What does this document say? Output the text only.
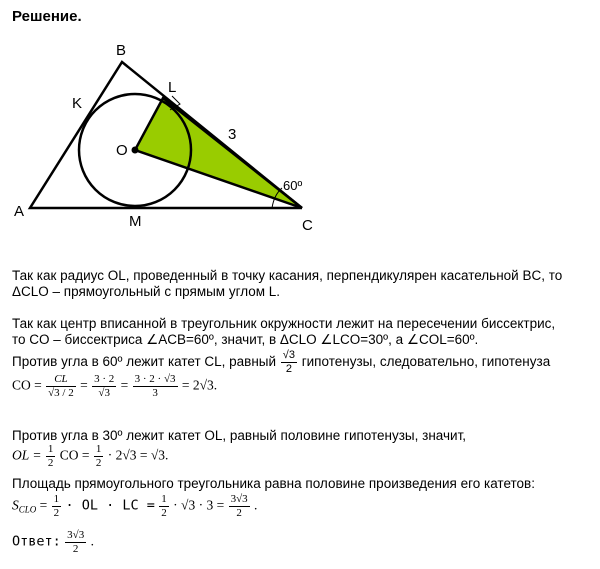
Решение.
B
L
K
O
A
M	C
3
60º
Так как радиус OL, проведенный в точку касания, перпендикулярен касательной BC, то
ΔCLO – прямоугольный с прямым углом L.
Так как центр вписанной в треугольник окружности лежит на пересечении биссектрис,
то CO – биссектриса ∠ACB=60º, значит, в ΔCLO ∠LCO=30º, а ∠COL=60º.
Против угла в 60º лежит катет CL, равный $\frac{√3}{2}$ гипотенузы, следовательно, гипотенуза
CO = $\frac{CL}{√3 / 2} = \frac{3 \cdot 2}{√3} = \frac{3 \cdot 2 \cdot √3}{3} = 2√3$.
Против угла в 30º лежит катет OL, равный половине гипотенузы, значит,
OL = $\frac{1}{2}$ CO = $\frac{1}{2} \cdot 2√3 = √3$.
Площадь прямоугольного треугольника равна половине произведения его катетов:
$S_{CLO} = \frac{1}{2}$ · OL · LC = $\frac{1}{2} \cdot √3 \cdot 3 = \frac{3√3}{2}$ .
Ответ: $\frac{3√3}{2}$ .
